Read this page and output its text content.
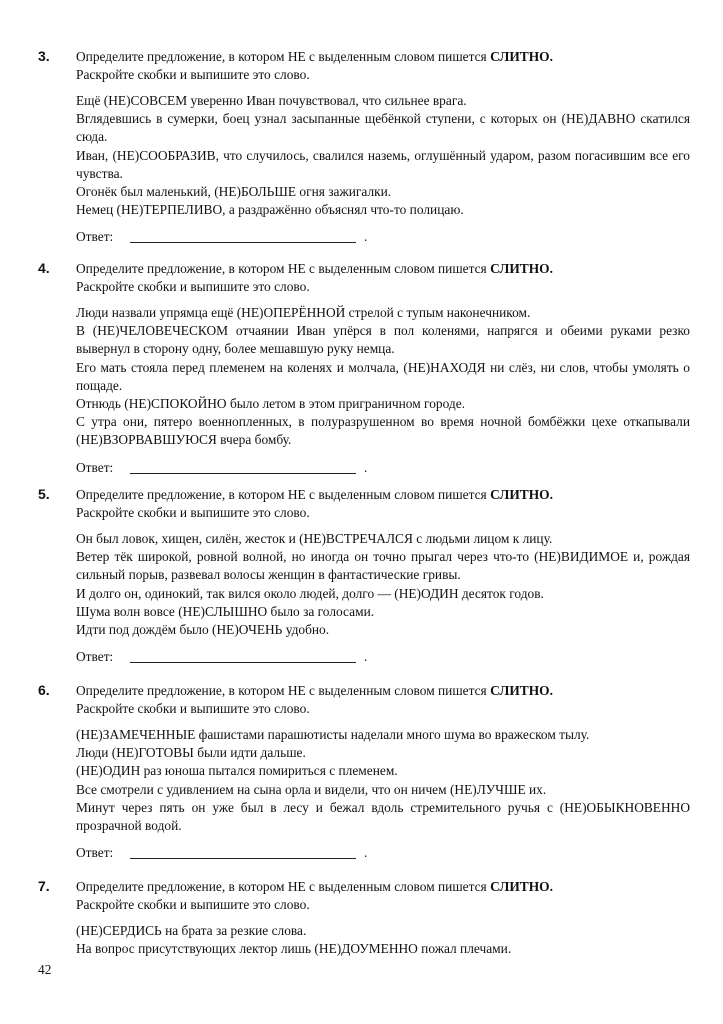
3. Определите предложение, в котором НЕ с выделенным словом пишется СЛИТНО.
Раскройте скобки и выпишите это слово.

Ещё (НЕ)СОВСЕМ уверенно Иван почувствовал, что сильнее врага.

Вглядевшись в сумерки, боец узнал засыпанные щебёнкой ступени, с которых он (НЕ)ДАВНО скатился сюда.

Иван, (НЕ)СООБРАЗИВ, что случилось, свалился наземь, оглушённый ударом, разом погасившим все его чувства.

Огонёк был маленький, (НЕ)БОЛЬШЕ огня зажигалки.

Немец (НЕ)ТЕРПЕЛИВО, а раздражённо объяснял что-то полицаю.

Ответ:	.
4. Определите предложение, в котором НЕ с выделенным словом пишется СЛИТНО.
Раскройте скобки и выпишите это слово.

Люди назвали упрямца ещё (НЕ)ОПЕРЁННОЙ стрелой с тупым наконечником.

В (НЕ)ЧЕЛОВЕЧЕСКОМ отчаянии Иван упёрся в пол коленями, напрягся и обеими руками резко вывернул в сторону одну, более мешавшую руку немца.

Его мать стояла перед племенем на коленях и молчала, (НЕ)НАХОДЯ ни слёз, ни слов, чтобы умолять о пощаде.

Отнюдь (НЕ)СПОКОЙНО было летом в этом приграничном городе.

С утра они, пятеро военнопленных, в полуразрушенном во время ночной бомбёжки цехе откапывали (НЕ)ВЗОРВАВШУЮСЯ вчера бомбу.

Ответ:	.
5. Определите предложение, в котором НЕ с выделенным словом пишется СЛИТНО.
Раскройте скобки и выпишите это слово.

Он был ловок, хищен, силён, жесток и (НЕ)ВСТРЕЧАЛСЯ с людьми лицом к лицу.

Ветер тёк широкой, ровной волной, но иногда он точно прыгал через что-то (НЕ)ВИДИМОЕ и, рождая сильный порыв, развевал волосы женщин в фантастические гривы.

И долго он, одинокий, так вился около людей, долго — (НЕ)ОДИН десяток годов.

Шума волн вовсе (НЕ)СЛЫШНО было за голосами.

Идти под дождём было (НЕ)ОЧЕНЬ удобно.

Ответ:	.
6. Определите предложение, в котором НЕ с выделенным словом пишется СЛИТНО.
Раскройте скобки и выпишите это слово.

(НЕ)ЗАМЕЧЕННЫЕ фашистами парашютисты наделали много шума во вражеском тылу.

Люди (НЕ)ГОТОВЫ были идти дальше.

(НЕ)ОДИН раз юноша пытался помириться с племенем.

Все смотрели с удивлением на сына орла и видели, что он ничем (НЕ)ЛУЧШЕ их.

Минут через пять он уже был в лесу и бежал вдоль стремительного ручья с (НЕ)ОБЫКНОВЕННО прозрачной водой.

Ответ:	.
7. Определите предложение, в котором НЕ с выделенным словом пишется СЛИТНО.
Раскройте скобки и выпишите это слово.

(НЕ)СЕРДИСЬ на брата за резкие слова.

На вопрос присутствующих лектор лишь (НЕ)ДОУМЕННО пожал плечами.

42
